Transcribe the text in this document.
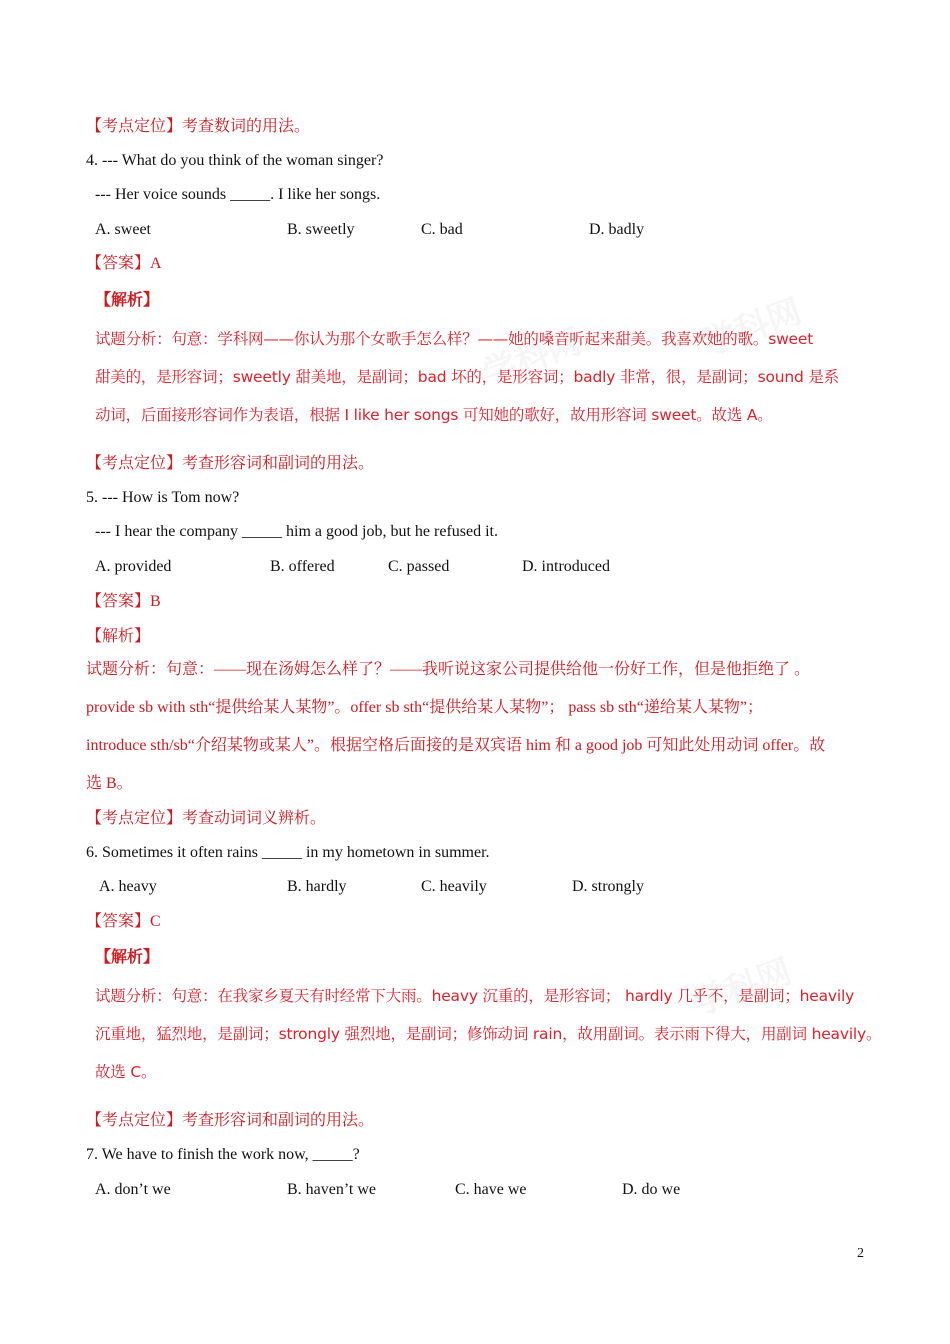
学科网	学科网
学科网
【考点定位】考查数词的用法。
4. --- What do you think of the woman singer?
--- Her voice sounds _____. I like her songs.
A. sweet	B. sweetly	C. bad	D. badly
【答案】A
【解析】
试题分析：句意：学科网——你认为那个女歌手怎么样？——她的嗓音听起来甜美。我喜欢她的歌。sweet
甜美的，是形容词；sweetly 甜美地，是副词；bad 坏的，是形容词；badly 非常，很，是副词；sound 是系
动词，后面接形容词作为表语，根据 I like her songs 可知她的歌好，故用形容词 sweet。故选 A。
【考点定位】考查形容词和副词的用法。
5. --- How is Tom now?
--- I hear the company _____ him a good job, but he refused it.
A. provided	B. offered	C. passed	D. introduced
【答案】B
【解析】
试题分析：句意：——现在汤姆怎么样了？——我听说这家公司提供给他一份好工作，但是他拒绝了 。
provide sb with sth“提供给某人某物”。offer sb sth“提供给某人某物”； pass sb sth“递给某人某物”；
introduce sth/sb“介绍某物或某人”。根据空格后面接的是双宾语 him 和 a good job 可知此处用动词 offer。故
选 B。
【考点定位】考查动词词义辨析。
6. Sometimes it often rains _____ in my hometown in summer.
A. heavy	B. hardly	C. heavily	D. strongly
【答案】C
【解析】
试题分析：句意：在我家乡夏天有时经常下大雨。heavy 沉重的，是形容词； hardly 几乎不，是副词；heavily
沉重地，猛烈地，是副词；strongly 强烈地，是副词；修饰动词 rain，故用副词。表示雨下得大，用副词 heavily。
故选 C。
【考点定位】考查形容词和副词的用法。
7. We have to finish the work now, _____?
A. don’t we	B. haven’t we	C. have we	D. do we
2
